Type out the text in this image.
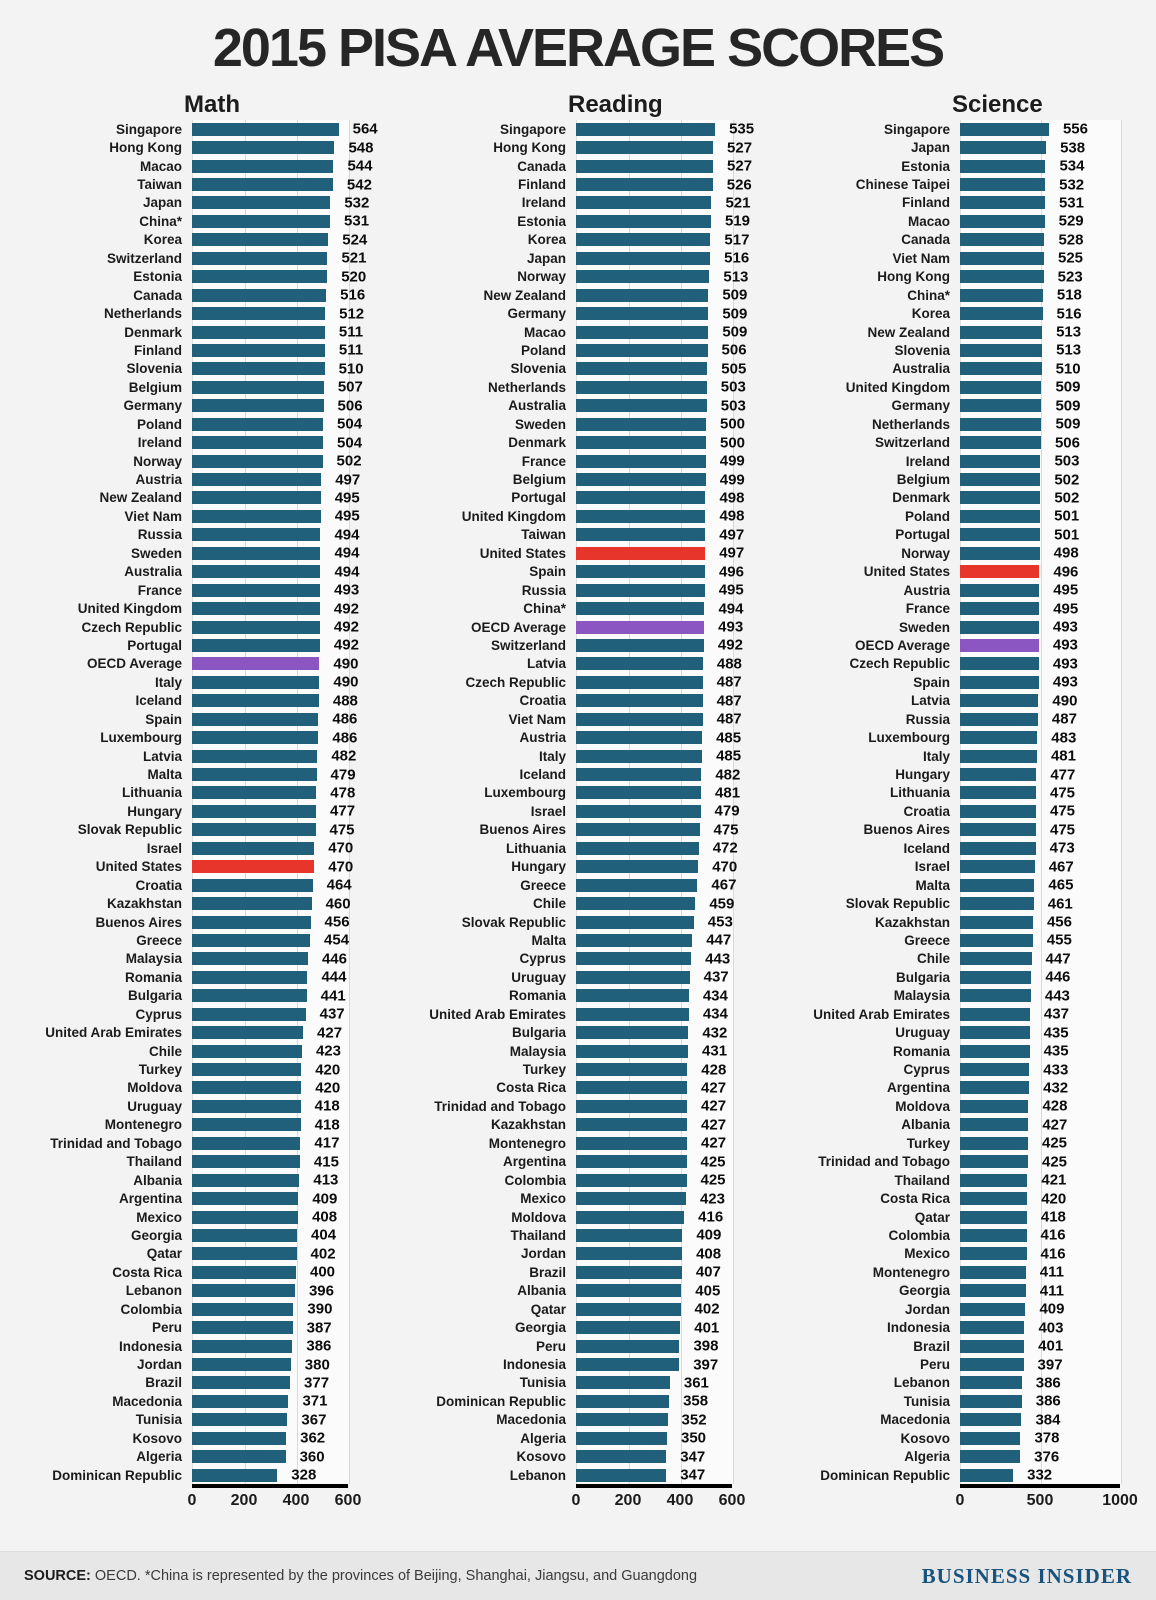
2015 PISA AVERAGE SCORES
Math
Singapore	564
Hong Kong	548
Macao	544
Taiwan	542
Japan	532
China*	531
Korea	524
Switzerland	521
Estonia	520
Canada	516
Netherlands	512
Denmark	511
Finland	511
Slovenia	510
Belgium	507
Germany	506
Poland	504
Ireland	504
Norway	502
Austria	497
New Zealand	495
Viet Nam	495
Russia	494
Sweden	494
Australia	494
France	493
United Kingdom	492
Czech Republic	492
Portugal	492
OECD Average	490
Italy	490
Iceland	488
Spain	486
Luxembourg	486
Latvia	482
Malta	479
Lithuania	478
Hungary	477
Slovak Republic	475
Israel	470
United States	470
Croatia	464
Kazakhstan	460
Buenos Aires	456
Greece	454
Malaysia	446
Romania	444
Bulgaria	441
Cyprus	437
United Arab Emirates	427
Chile	423
Turkey	420
Moldova	420
Uruguay	418
Montenegro	418
Trinidad and Tobago	417
Thailand	415
Albania	413
Argentina	409
Mexico	408
Georgia	404
Qatar	402
Costa Rica	400
Lebanon	396
Colombia	390
Peru	387
Indonesia	386
Jordan	380
Brazil	377
Macedonia	371
Tunisia	367
Kosovo	362
Algeria	360
Dominican Republic	328
0 200 400 600
Reading
Singapore	535
Hong Kong	527
Canada	527
Finland	526
Ireland	521
Estonia	519
Korea	517
Japan	516
Norway	513
New Zealand	509
Germany	509
Macao	509
Poland	506
Slovenia	505
Netherlands	503
Australia	503
Sweden	500
Denmark	500
France	499
Belgium	499
Portugal	498
United Kingdom	498
Taiwan	497
United States	497
Spain	496
Russia	495
China*	494
OECD Average	493
Switzerland	492
Latvia	488
Czech Republic	487
Croatia	487
Viet Nam	487
Austria	485
Italy	485
Iceland	482
Luxembourg	481
Israel	479
Buenos Aires	475
Lithuania	472
Hungary	470
Greece	467
Chile	459
Slovak Republic	453
Malta	447
Cyprus	443
Uruguay	437
Romania	434
United Arab Emirates	434
Bulgaria	432
Malaysia	431
Turkey	428
Costa Rica	427
Trinidad and Tobago	427
Kazakhstan	427
Montenegro	427
Argentina	425
Colombia	425
Mexico	423
Moldova	416
Thailand	409
Jordan	408
Brazil	407
Albania	405
Qatar	402
Georgia	401
Peru	398
Indonesia	397
Tunisia	361
Dominican Republic	358
Macedonia	352
Algeria	350
Kosovo	347
Lebanon	347
0 200 400 600
Science
Singapore	556
Japan	538
Estonia	534
Chinese Taipei	532
Finland	531
Macao	529
Canada	528
Viet Nam	525
Hong Kong	523
China*	518
Korea	516
New Zealand	513
Slovenia	513
Australia	510
United Kingdom	509
Germany	509
Netherlands	509
Switzerland	506
Ireland	503
Belgium	502
Denmark	502
Poland	501
Portugal	501
Norway	498
United States	496
Austria	495
France	495
Sweden	493
OECD Average	493
Czech Republic	493
Spain	493
Latvia	490
Russia	487
Luxembourg	483
Italy	481
Hungary	477
Lithuania	475
Croatia	475
Buenos Aires	475
Iceland	473
Israel	467
Malta	465
Slovak Republic	461
Kazakhstan	456
Greece	455
Chile	447
Bulgaria	446
Malaysia	443
United Arab Emirates	437
Uruguay	435
Romania	435
Cyprus	433
Argentina	432
Moldova	428
Albania	427
Turkey	425
Trinidad and Tobago	425
Thailand	421
Costa Rica	420
Qatar	418
Colombia	416
Mexico	416
Montenegro	411
Georgia	411
Jordan	409
Indonesia	403
Brazil	401
Peru	397
Lebanon	386
Tunisia	386
Macedonia	384
Kosovo	378
Algeria	376
Dominican Republic	332
0	500	1000
SOURCE: OECD. *China is represented by the provinces of Beijing, Shanghai, Jiangsu, and Guangdong	BUSINESS INSIDER
